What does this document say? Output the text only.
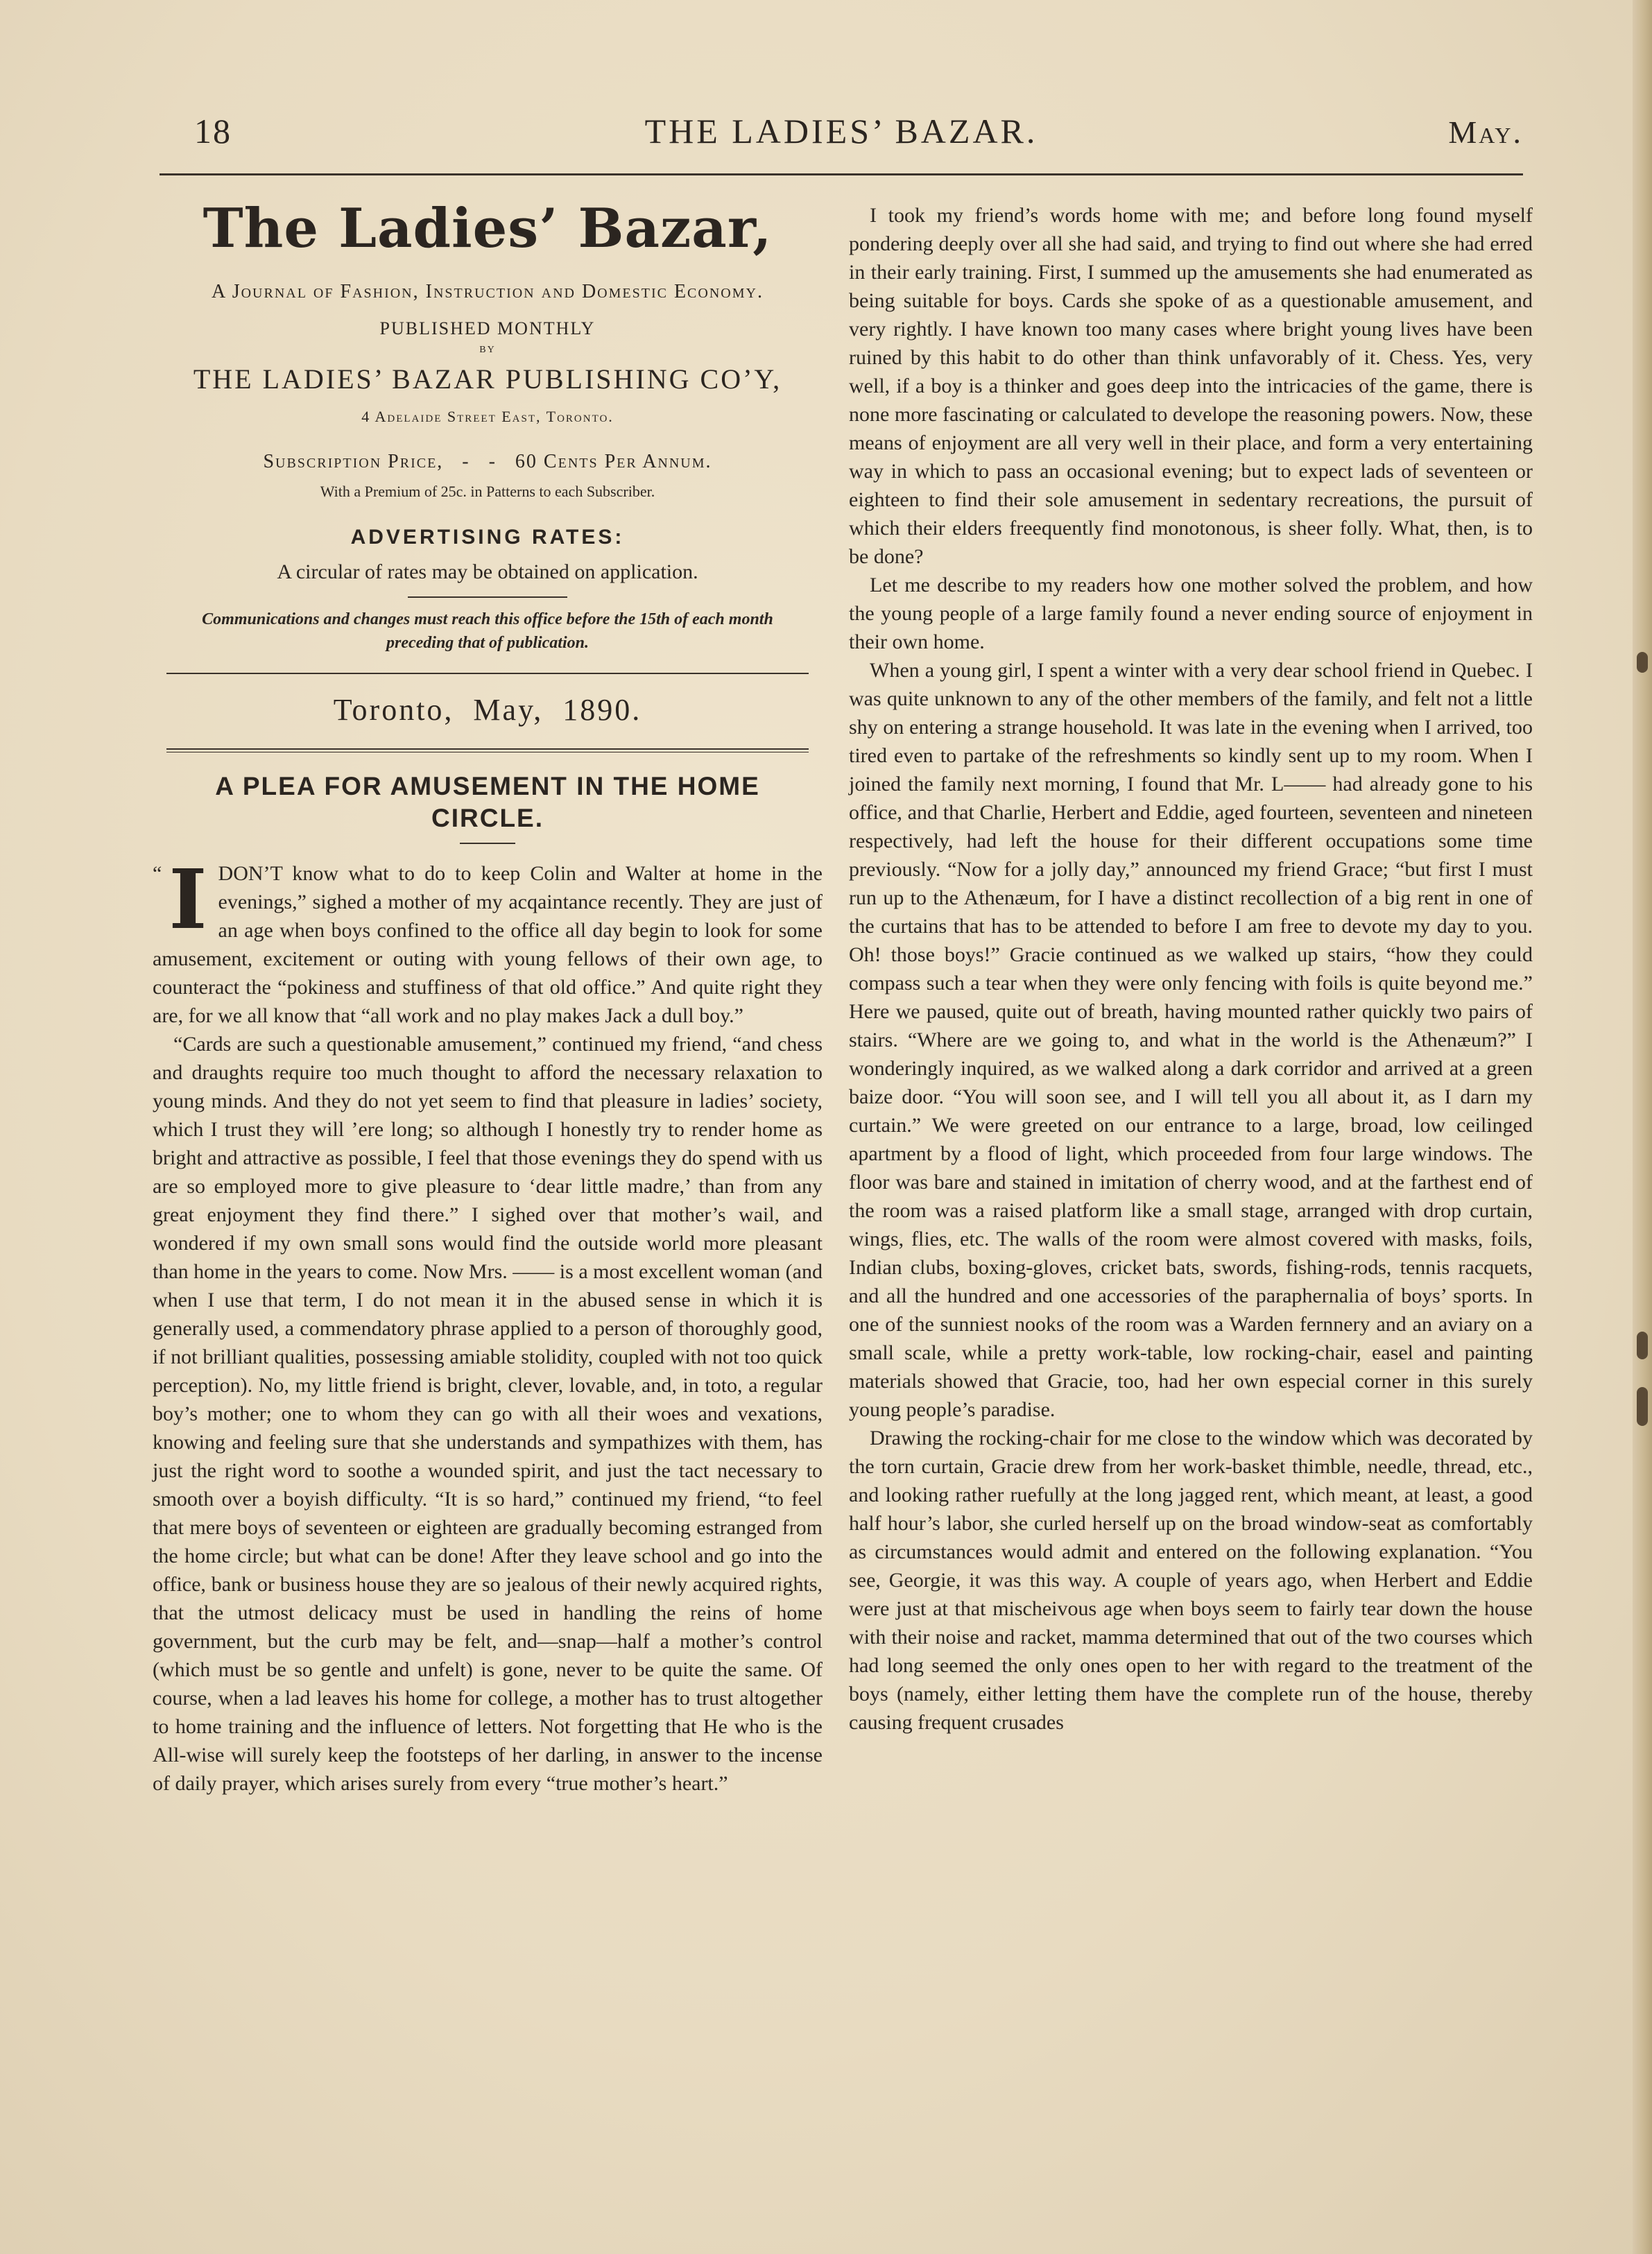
18	THE LADIES’ BAZAR.	May.
The Ladies’ Bazar,
A Journal of Fashion, Instruction and Domestic Economy.
PUBLISHED MONTHLY
BY
THE LADIES’ BAZAR PUBLISHING CO’Y,
4 Adelaide Street East, Toronto.
Subscription Price,   -   -   60 Cents Per Annum.
With a Premium of 25c. in Patterns to each Subscriber.
ADVERTISING RATES:
A circular of rates may be obtained on application.
Communications and changes must reach this office before the 15th of each month preceding that of publication.
Toronto,  May,  1890.
A PLEA FOR AMUSEMENT IN THE HOME CIRCLE.

“ I DON’T know what to do to keep Colin and Walter at home in the evenings,” sighed a mother of my acqaintance recently. They are just of an age when boys confined to the office all day begin to look for some amusement, excitement or outing with young fellows of their own age, to counteract the “pokiness and stuffiness of that old office.” And quite right they are, for we all know that “all work and no play makes Jack a dull boy.”

“Cards are such a questionable amusement,” continued my friend, “and chess and draughts require too much thought to afford the necessary relaxation to young minds. And they do not yet seem to find that pleasure in ladies’ society, which I trust they will ’ere long; so although I honestly try to render home as bright and attractive as possible, I feel that those evenings they do spend with us are so employed more to give pleasure to ‘dear little madre,’ than from any great enjoyment they find there.” I sighed over that mother’s wail, and wondered if my own small sons would find the outside world more pleasant than home in the years to come. Now Mrs. —— is a most excellent woman (and when I use that term, I do not mean it in the abused sense in which it is generally used, a commendatory phrase applied to a person of thoroughly good, if not brilliant qualities, possessing amiable stolidity, coupled with not too quick perception). No, my little friend is bright, clever, lovable, and, in toto, a regular boy’s mother; one to whom they can go with all their woes and vexations, knowing and feeling sure that she understands and sympathizes with them, has just the right word to soothe a wounded spirit, and just the tact necessary to smooth over a boyish difficulty. “It is so hard,” continued my friend, “to feel that mere boys of seventeen or eighteen are gradually becoming estranged from the home circle; but what can be done! After they leave school and go into the office, bank or business house they are so jealous of their newly acquired rights, that the utmost delicacy must be used in handling the reins of home government, but the curb may be felt, and—snap—half a mother’s control (which must be so gentle and unfelt) is gone, never to be quite the same. Of course, when a lad leaves his home for college, a mother has to trust altogether to home training and the influence of letters. Not forgetting that He who is the All-wise will surely keep the footsteps of her darling, in answer to the incense of daily prayer, which arises surely from every “true mother’s heart.”

I took my friend’s words home with me; and before long found myself pondering deeply over all she had said, and trying to find out where she had erred in their early training. First, I summed up the amusements she had enumerated as being suitable for boys. Cards she spoke of as a questionable amusement, and very rightly. I have known too many cases where bright young lives have been ruined by this habit to do other than think unfavorably of it. Chess. Yes, very well, if a boy is a thinker and goes deep into the intricacies of the game, there is none more fascinating or calculated to develope the reasoning powers. Now, these means of enjoyment are all very well in their place, and form a very entertaining way in which to pass an occasional evening; but to expect lads of seventeen or eighteen to find their sole amusement in sedentary recreations, the pursuit of which their elders freequently find monotonous, is sheer folly. What, then, is to be done?

Let me describe to my readers how one mother solved the problem, and how the young people of a large family found a never ending source of enjoyment in their own home.

When a young girl, I spent a winter with a very dear school friend in Quebec. I was quite unknown to any of the other members of the family, and felt not a little shy on entering a strange household. It was late in the evening when I arrived, too tired even to partake of the refreshments so kindly sent up to my room. When I joined the family next morning, I found that Mr. L—— had already gone to his office, and that Charlie, Herbert and Eddie, aged fourteen, seventeen and nineteen respectively, had left the house for their different occupations some time previously. “Now for a jolly day,” announced my friend Grace; “but first I must run up to the Athenæum, for I have a distinct recollection of a big rent in one of the curtains that has to be attended to before I am free to devote my day to you. Oh! those boys!” Gracie continued as we walked up stairs, “how they could compass such a tear when they were only fencing with foils is quite beyond me.” Here we paused, quite out of breath, having mounted rather quickly two pairs of stairs. “Where are we going to, and what in the world is the Athenæum?” I wonderingly inquired, as we walked along a dark corridor and arrived at a green baize door. “You will soon see, and I will tell you all about it, as I darn my curtain.” We were greeted on our entrance to a large, broad, low ceilinged apartment by a flood of light, which proceeded from four large windows. The floor was bare and stained in imitation of cherry wood, and at the farthest end of the room was a raised platform like a small stage, arranged with drop curtain, wings, flies, etc. The walls of the room were almost covered with masks, foils, Indian clubs, boxing-gloves, cricket bats, swords, fishing-rods, tennis racquets, and all the hundred and one accessories of the paraphernalia of boys’ sports. In one of the sunniest nooks of the room was a Warden fernnery and an aviary on a small scale, while a pretty work-table, low rocking-chair, easel and painting materials showed that Gracie, too, had her own especial corner in this surely young people’s paradise.

Drawing the rocking-chair for me close to the window which was decorated by the torn curtain, Gracie drew from her work-basket thimble, needle, thread, etc., and looking rather ruefully at the long jagged rent, which meant, at least, a good half hour’s labor, she curled herself up on the broad window-seat as comfortably as circumstances would admit and entered on the following explanation. “You see, Georgie, it was this way. A couple of years ago, when Herbert and Eddie were just at that mischeivous age when boys seem to fairly tear down the house with their noise and racket, mamma determined that out of the two courses which had long seemed the only ones open to her with regard to the treatment of the boys (namely, either letting them have the complete run of the house, thereby causing frequent crusades
